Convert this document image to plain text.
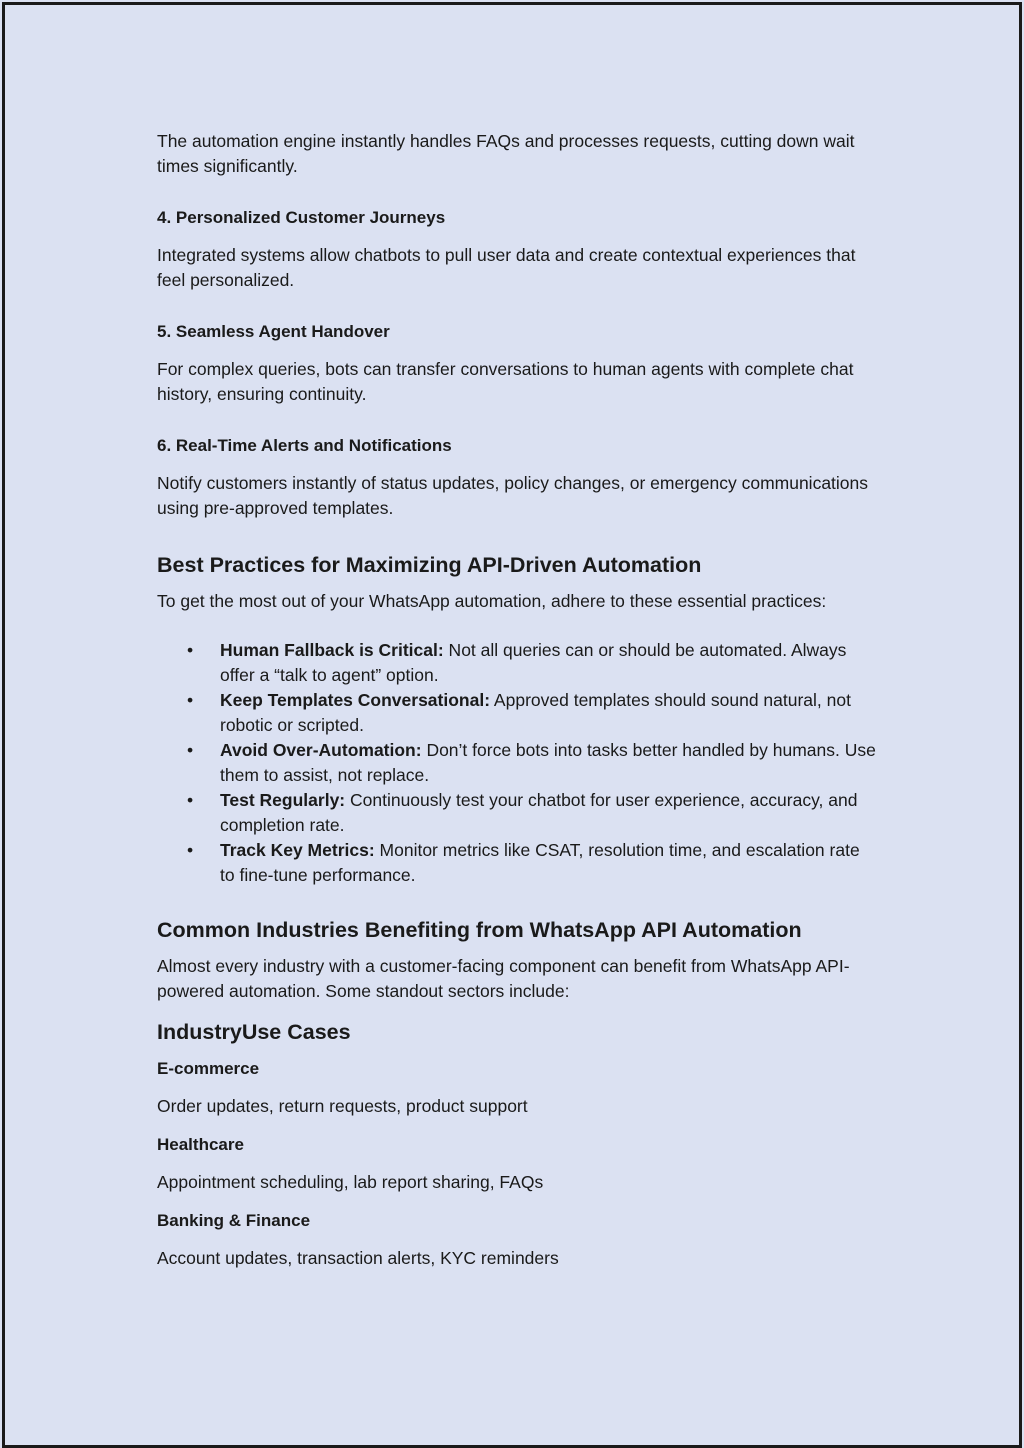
The automation engine instantly handles FAQs and processes requests, cutting down wait times significantly.

4. Personalized Customer Journeys

Integrated systems allow chatbots to pull user data and create contextual experiences that feel personalized.

5. Seamless Agent Handover

For complex queries, bots can transfer conversations to human agents with complete chat history, ensuring continuity.

6. Real-Time Alerts and Notifications

Notify customers instantly of status updates, policy changes, or emergency communications using pre-approved templates.

Best Practices for Maximizing API-Driven Automation

To get the most out of your WhatsApp automation, adhere to these essential practices:

• Human Fallback is Critical: Not all queries can or should be automated. Always offer a “talk to agent” option.
• Keep Templates Conversational: Approved templates should sound natural, not robotic or scripted.
• Avoid Over-Automation: Don’t force bots into tasks better handled by humans. Use them to assist, not replace.
• Test Regularly: Continuously test your chatbot for user experience, accuracy, and completion rate.
• Track Key Metrics: Monitor metrics like CSAT, resolution time, and escalation rate to fine-tune performance.
Common Industries Benefiting from WhatsApp API Automation

Almost every industry with a customer-facing component can benefit from WhatsApp API-powered automation. Some standout sectors include:

IndustryUse Cases
E-commerce

Order updates, return requests, product support

Healthcare

Appointment scheduling, lab report sharing, FAQs

Banking & Finance

Account updates, transaction alerts, KYC reminders
